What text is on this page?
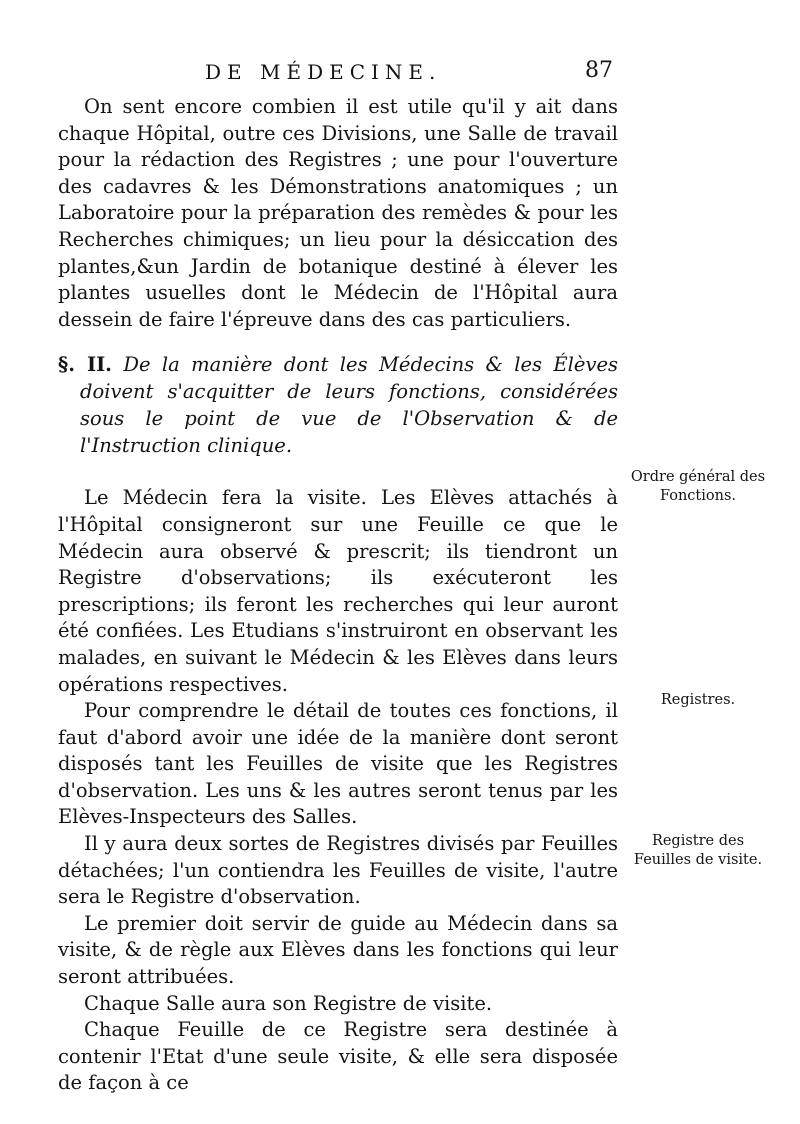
DE MÉDECINE.	87

On sent encore combien il est utile qu'il y ait dans chaque Hôpital, outre ces Divisions, une Salle de travail pour la rédaction des Registres ; une pour l'ouverture des cadavres & les Démonstrations anatomiques ; un Laboratoire pour la préparation des remèdes & pour les Recherches chimiques; un lieu pour la désiccation des plantes,&un Jardin de botanique destiné à élever les plantes usuelles dont le Médecin de l'Hôpital aura dessein de faire l'épreuve dans des cas particuliers.

§. II. De la manière dont les Médecins & les Élèves doivent s'acquitter de leurs fonctions, considérées sous le point de vue de l'Observation & de l'Instruction clinique.

Le Médecin fera la visite. Les Elèves attachés à l'Hôpital consigneront sur une Feuille ce que le Médecin aura observé & prescrit; ils tiendront un Registre d'observations; ils exécuteront les prescriptions; ils feront les recherches qui leur auront été confiées. Les Etudians s'instruiront en observant les malades, en suivant le Médecin & les Elèves dans leurs opérations respectives.

Pour comprendre le détail de toutes ces fonctions, il faut d'abord avoir une idée de la manière dont seront disposés tant les Feuilles de visite que les Registres d'observation. Les uns & les autres seront tenus par les Elèves-Inspecteurs des Salles.

Il y aura deux sortes de Registres divisés par Feuilles détachées; l'un contiendra les Feuilles de visite, l'autre sera le Registre d'observation.

Le premier doit servir de guide au Médecin dans sa visite, & de règle aux Elèves dans les fonctions qui leur seront attribuées.

Chaque Salle aura son Registre de visite.

Chaque Feuille de ce Registre sera destinée à contenir l'Etat d'une seule visite, & elle sera disposée de façon à ce

Ordre général des Fonctions.
Registres.
Registre des Feuilles de visite.
